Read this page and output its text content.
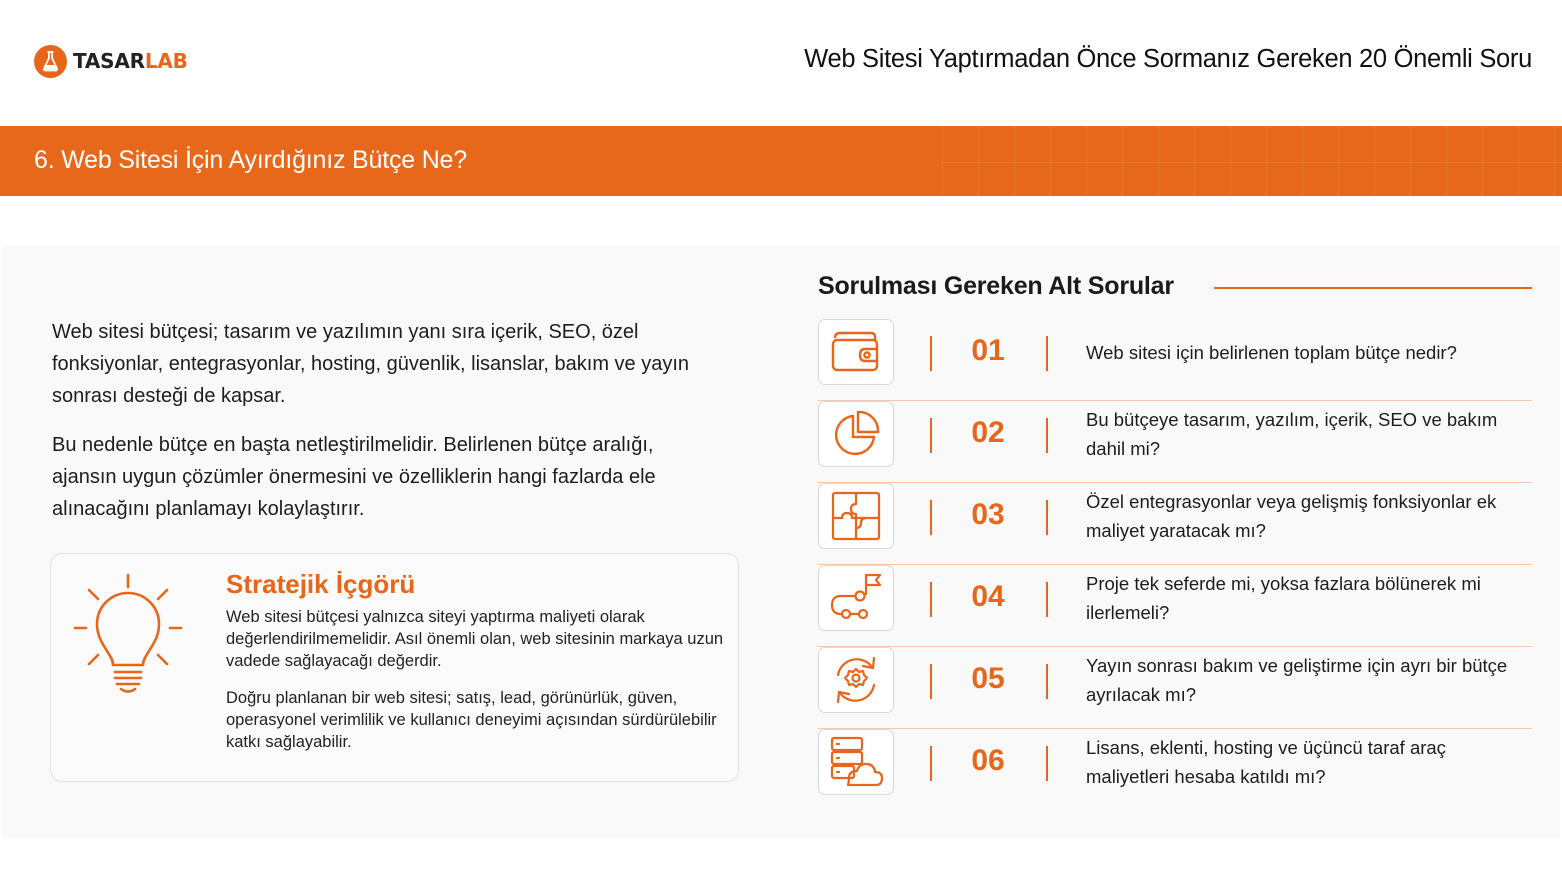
TASARLAB	Web Sitesi Yaptırmadan Önce Sormanız Gereken 20 Önemli Soru
6. Web Sitesi İçin Ayırdığınız Bütçe Ne?
Web sitesi bütçesi; tasarım ve yazılımın yanı sıra içerik, SEO, özel fonksiyonlar, entegrasyonlar, hosting, güvenlik, lisanslar, bakım ve yayın sonrası desteği de kapsar.
Bu nedenle bütçe en başta netleştirilmelidir. Belirlenen bütçe aralığı, ajansın uygun çözümler önermesini ve özelliklerin hangi fazlarda ele alınacağını planlamayı kolaylaştırır.
Stratejik İçgörü
Web sitesi bütçesi yalnızca siteyi yaptırma maliyeti olarak değerlendirilmemelidir. Asıl önemli olan, web sitesinin markaya uzun vadede sağlayacağı değerdir.
Doğru planlanan bir web sitesi; satış, lead, görünürlük, güven, operasyonel verimlilik ve kullanıcı deneyimi açısından sürdürülebilir katkı sağlayabilir.
Sorulması Gereken Alt Sorular
01	Web sitesi için belirlenen toplam bütçe nedir?
02	Bu bütçeye tasarım, yazılım, içerik, SEO ve bakım dahil mi?
03	Özel entegrasyonlar veya gelişmiş fonksiyonlar ek maliyet yaratacak mı?
04	Proje tek seferde mi, yoksa fazlara bölünerek mi ilerlemeli?
05	Yayın sonrası bakım ve geliştirme için ayrı bir bütçe ayrılacak mı?
06	Lisans, eklenti, hosting ve üçüncü taraf araç maliyetleri hesaba katıldı mı?
